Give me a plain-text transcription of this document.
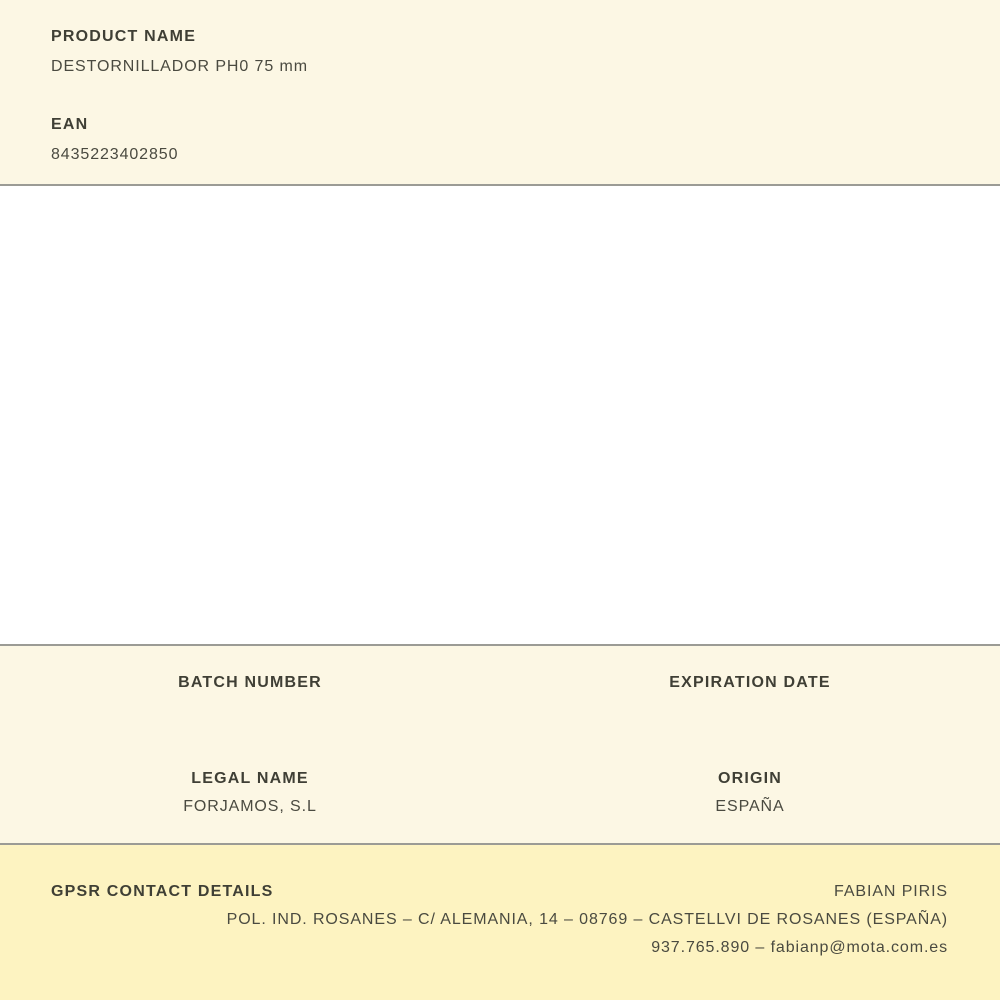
PRODUCT NAME
DESTORNILLADOR PH0 75 mm
EAN
8435223402850
BATCH NUMBER	EXPIRATION DATE
LEGAL NAME
FORJAMOS, S.L
ORIGIN
ESPAÑA
GPSR CONTACT DETAILS	FABIAN PIRIS
POL. IND. ROSANES – C/ ALEMANIA, 14 – 08769 – CASTELLVI DE ROSANES (ESPAÑA)
937.765.890 – fabianp@mota.com.es
